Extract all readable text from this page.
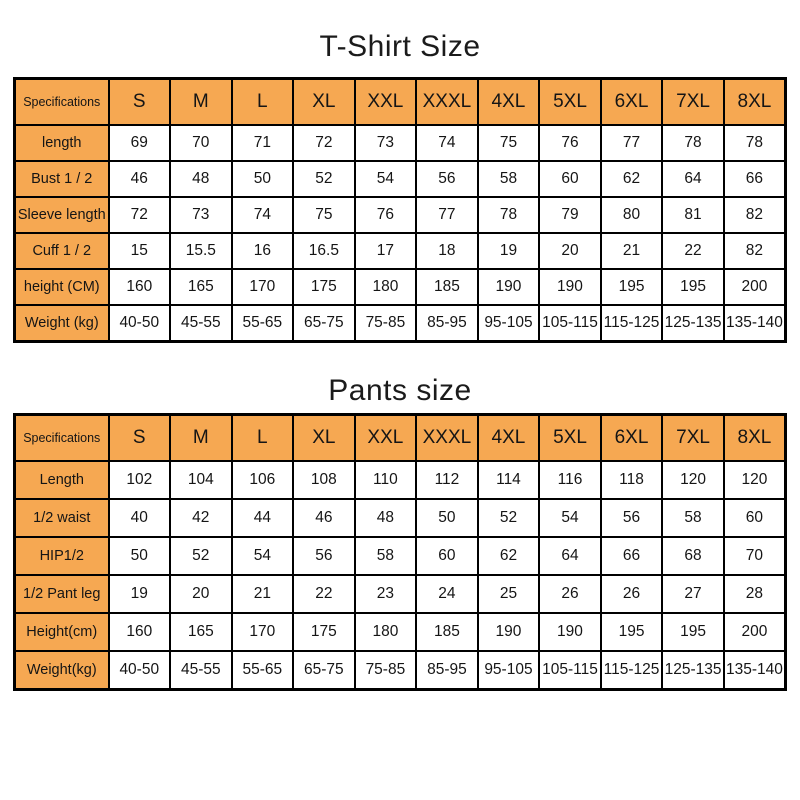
T-Shirt Size
Specifications	S	M	L	XL	XXL	XXXL	4XL	5XL	6XL	7XL	8XL
length	69	70	71	72	73	74	75	76	77	78	78
Bust 1 / 2	46	48	50	52	54	56	58	60	62	64	66
Sleeve length	72	73	74	75	76	77	78	79	80	81	82
Cuff 1 / 2	15	15.5	16	16.5	17	18	19	20	21	22	82
height (CM)	160	165	170	175	180	185	190	190	195	195	200
Weight (kg)	40-50	45-55	55-65	65-75	75-85	85-95	95-105	105-115	115-125	125-135	135-140
Pants size
Specifications	S	M	L	XL	XXL	XXXL	4XL	5XL	6XL	7XL	8XL
Length	102	104	106	108	110	112	114	116	118	120	120
1/2 waist	40	42	44	46	48	50	52	54	56	58	60
HIP1/2	50	52	54	56	58	60	62	64	66	68	70
1/2 Pant leg	19	20	21	22	23	24	25	26	26	27	28
Height(cm)	160	165	170	175	180	185	190	190	195	195	200
Weight(kg)	40-50	45-55	55-65	65-75	75-85	85-95	95-105	105-115	115-125	125-135	135-140
